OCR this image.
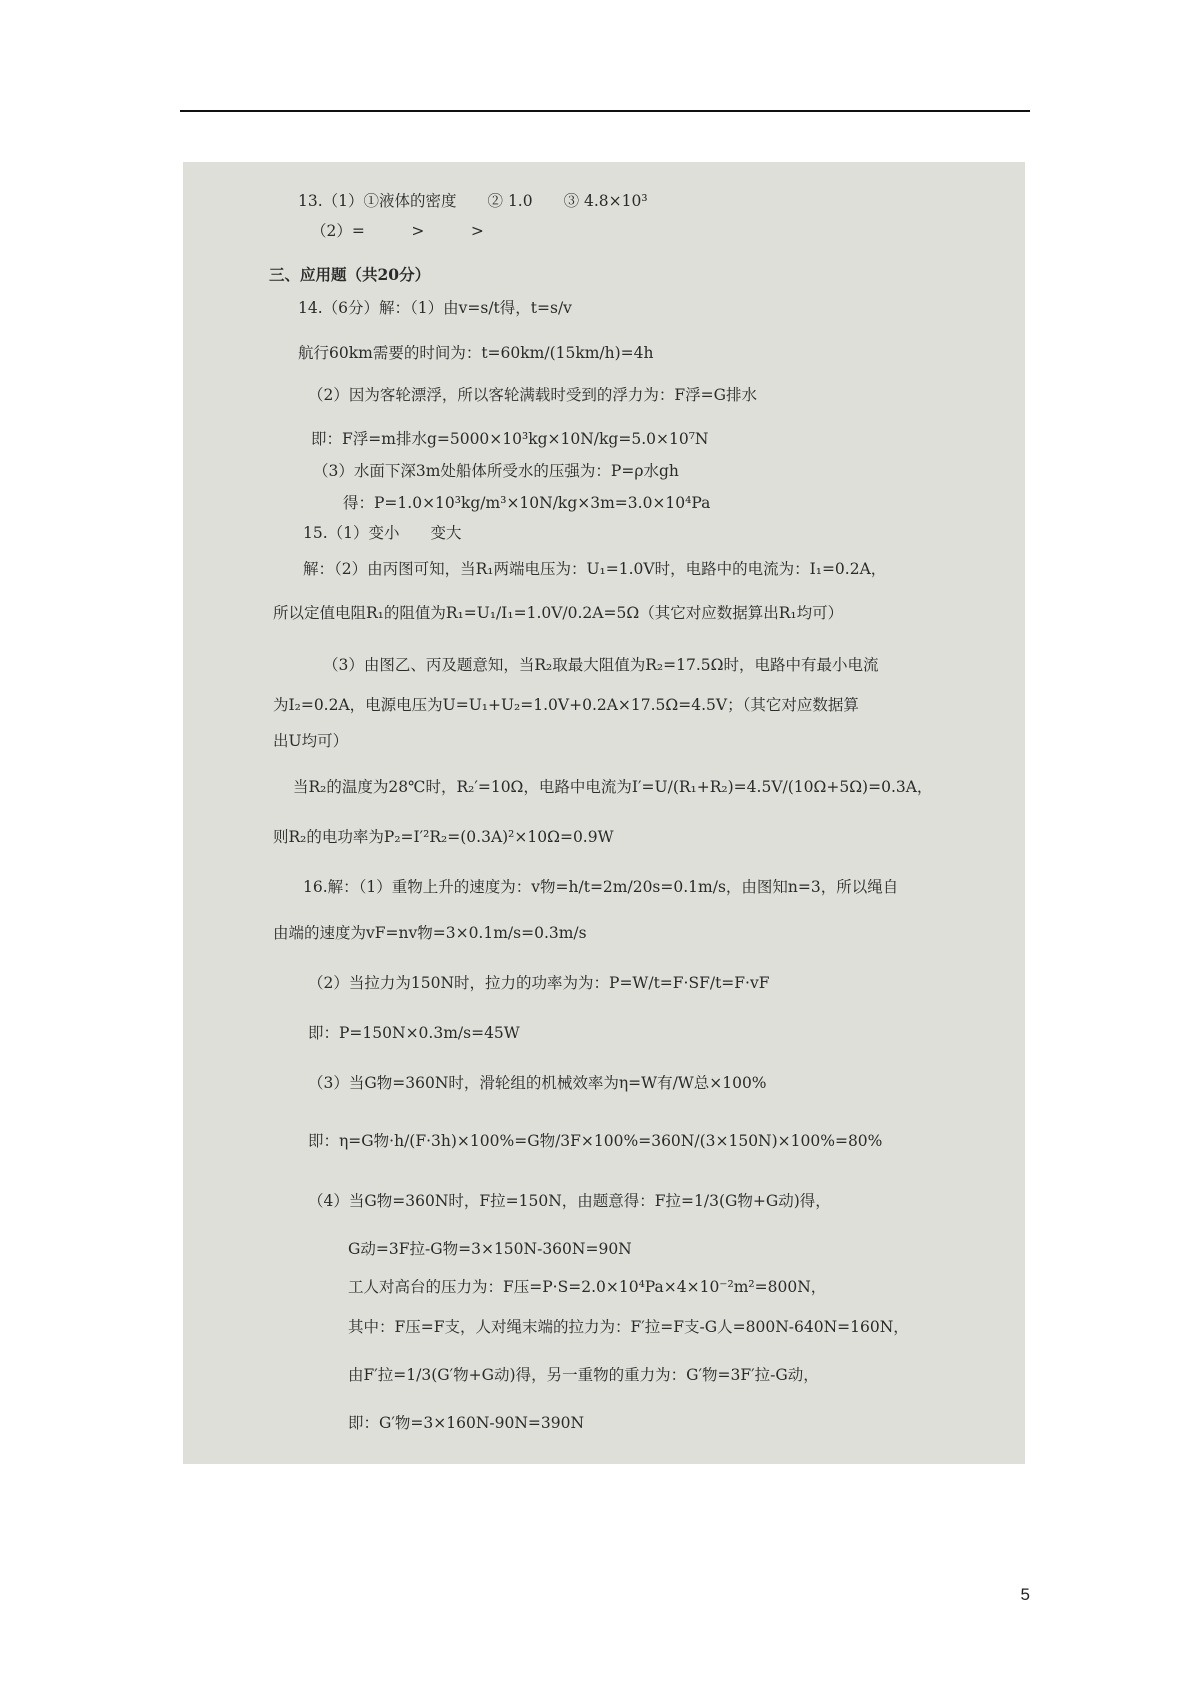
13.（1）①液体的密度　　② 1.0　　③ 4.8×10³
（2）=　　　>　　　>
三、应用题（共20分）
14.（6分）解：（1）由v=s/t得，t=s/v
航行60km需要的时间为：t=60km/(15km/h)=4h
（2）因为客轮漂浮，所以客轮满载时受到的浮力为：F浮=G排水
即：F浮=m排水g=5000×10³kg×10N/kg=5.0×10⁷N
（3）水面下深3m处船体所受水的压强为：P=ρ水gh
得：P=1.0×10³kg/m³×10N/kg×3m=3.0×10⁴Pa
15.（1）变小　　变大
解：（2）由丙图可知，当R₁两端电压为：U₁=1.0V时，电路中的电流为：I₁=0.2A，
所以定值电阻R₁的阻值为R₁=U₁/I₁=1.0V/0.2A=5Ω（其它对应数据算出R₁均可）
（3）由图乙、丙及题意知，当R₂取最大阻值为R₂=17.5Ω时，电路中有最小电流
为I₂=0.2A，电源电压为U=U₁+U₂=1.0V+0.2A×17.5Ω=4.5V；（其它对应数据算
出U均可）
当R₂的温度为28℃时，R₂′=10Ω，电路中电流为I′=U/(R₁+R₂)=4.5V/(10Ω+5Ω)=0.3A，
则R₂的电功率为P₂=I′²R₂=(0.3A)²×10Ω=0.9W
16.解：（1）重物上升的速度为：v物=h/t=2m/20s=0.1m/s，由图知n=3，所以绳自
由端的速度为vF=nv物=3×0.1m/s=0.3m/s
（2）当拉力为150N时，拉力的功率为为：P=W/t=F·SF/t=F·vF
即：P=150N×0.3m/s=45W
（3）当G物=360N时，滑轮组的机械效率为η=W有/W总×100%
即：η=G物·h/(F·3h)×100%=G物/3F×100%=360N/(3×150N)×100%=80%
（4）当G物=360N时，F拉=150N，由题意得：F拉=1/3(G物+G动)得，
G动=3F拉-G物=3×150N-360N=90N
工人对高台的压力为：F压=P·S=2.0×10⁴Pa×4×10⁻²m²=800N，
其中：F压=F支，人对绳末端的拉力为：F′拉=F支-G人=800N-640N=160N，
由F′拉=1/3(G′物+G动)得，另一重物的重力为：G′物=3F′拉-G动，
即：G′物=3×160N-90N=390N
5
